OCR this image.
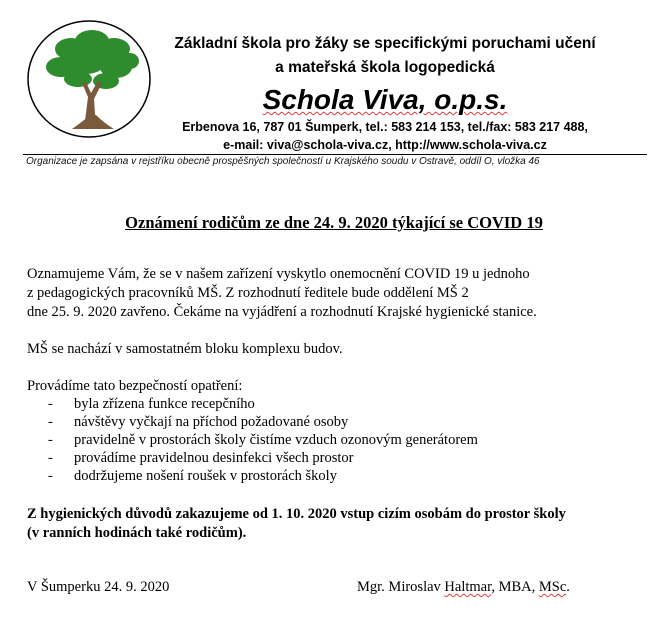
Základní škola pro žáky se specifickými poruchami učení
a mateřská škola logopedická
Schola Viva, o.p.s.
Erbenova 16, 787 01 Šumperk, tel.: 583 214 153, tel./fax: 583 217 488,
e-mail: viva@schola-viva.cz, http://www.schola-viva.cz
Organizace je zapsána v rejstříku obecně prospěšných společností u Krajského soudu v Ostravě, oddíl O, vložka 46
Oznámení rodičům ze dne 24. 9. 2020 týkající se COVID 19
Oznamujeme Vám, že se v našem zařízení vyskytlo onemocnění COVID 19 u jednoho
z pedagogických pracovníků MŠ. Z rozhodnutí ředitele bude oddělení MŠ 2
dne 25. 9. 2020 zavřeno. Čekáme na vyjádření a rozhodnutí Krajské hygienické stanice.
MŠ se nachází v samostatném bloku komplexu budov.
Provádíme tato bezpečností opatření:
- byla zřízena funkce recepčního
- návštěvy vyčkají na příchod požadované osoby
- pravidelně v prostorách školy čistíme vzduch ozonovým generátorem
- provádíme pravidelnou desinfekci všech prostor
- dodržujeme nošení roušek v prostorách školy
Z hygienických důvodů zakazujeme od 1. 10. 2020 vstup cizím osobám do prostor školy
(v ranních hodinách také rodičům).
V Šumperku 24. 9. 2020	Mgr. Miroslav Haltmar, MBA, MSc.
